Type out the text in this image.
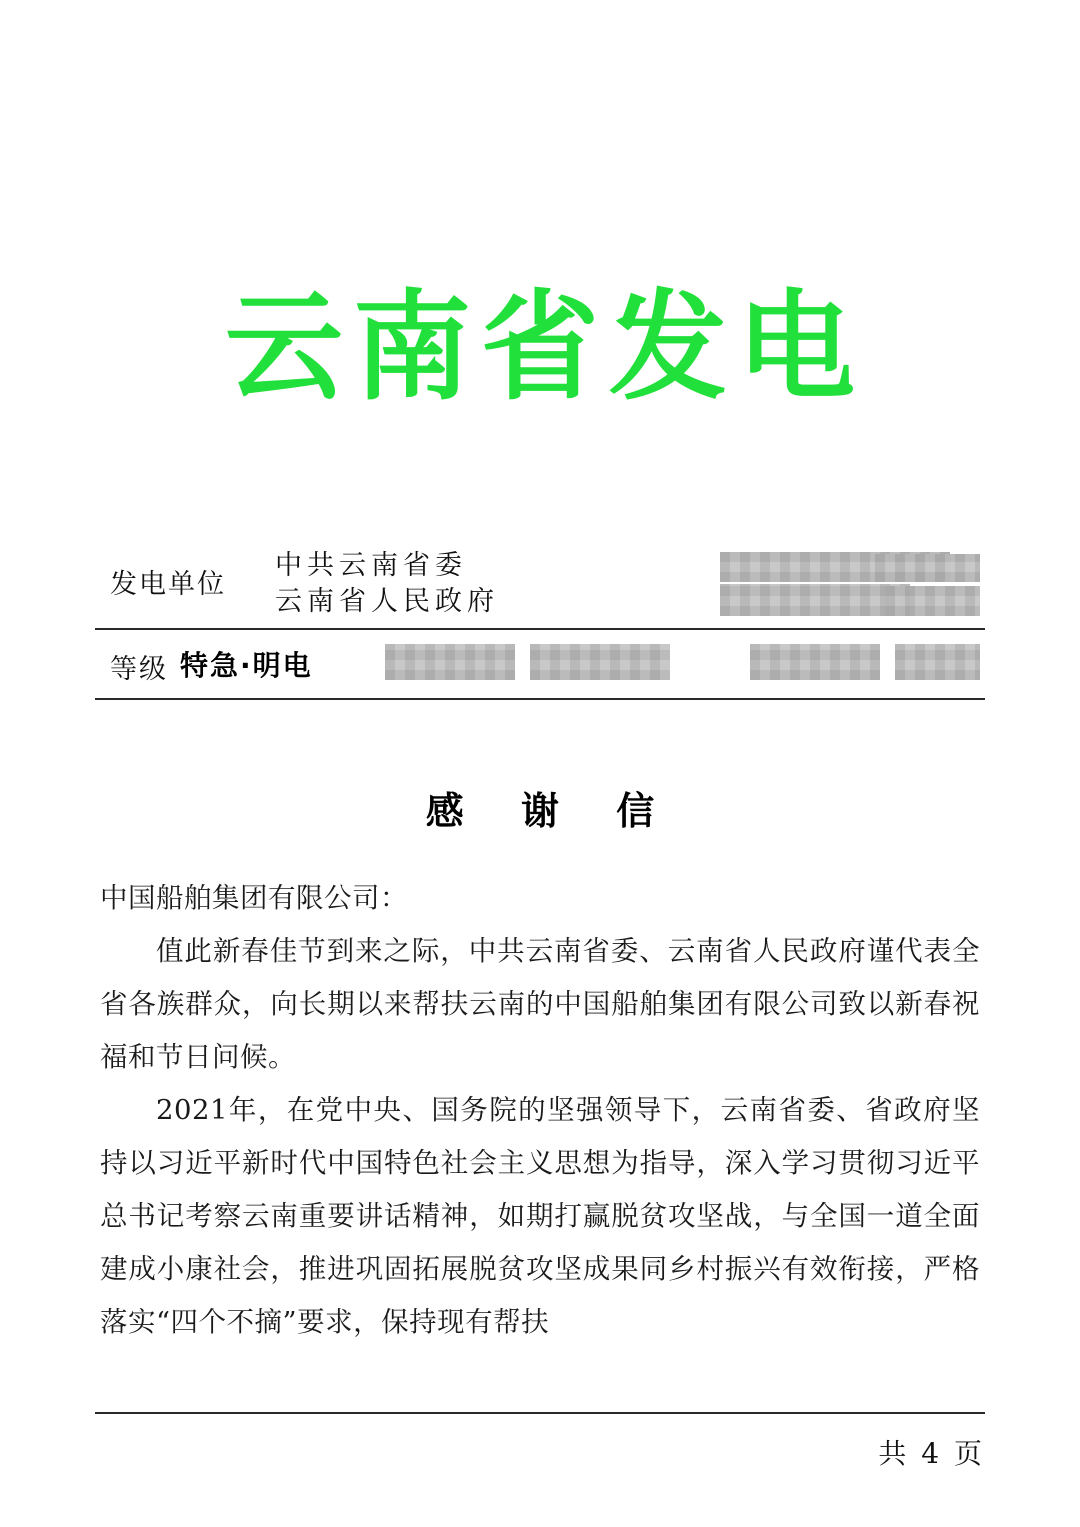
云南省发电
发电单位
中共云南省委
云南省人民政府
等级 特急·明电
感 谢 信

中国船舶集团有限公司：

值此新春佳节到来之际，中共云南省委、云南省人民政府谨代表全省各族群众，向长期以来帮扶云南的中国船舶集团有限公司致以新春祝福和节日问候。

2021年，在党中央、国务院的坚强领导下，云南省委、省政府坚持以习近平新时代中国特色社会主义思想为指导，深入学习贯彻习近平总书记考察云南重要讲话精神，如期打赢脱贫攻坚战，与全国一道全面建成小康社会，推进巩固拓展脱贫攻坚成果同乡村振兴有效衔接，严格落实“四个不摘”要求，保持现有帮扶

共 4 页
